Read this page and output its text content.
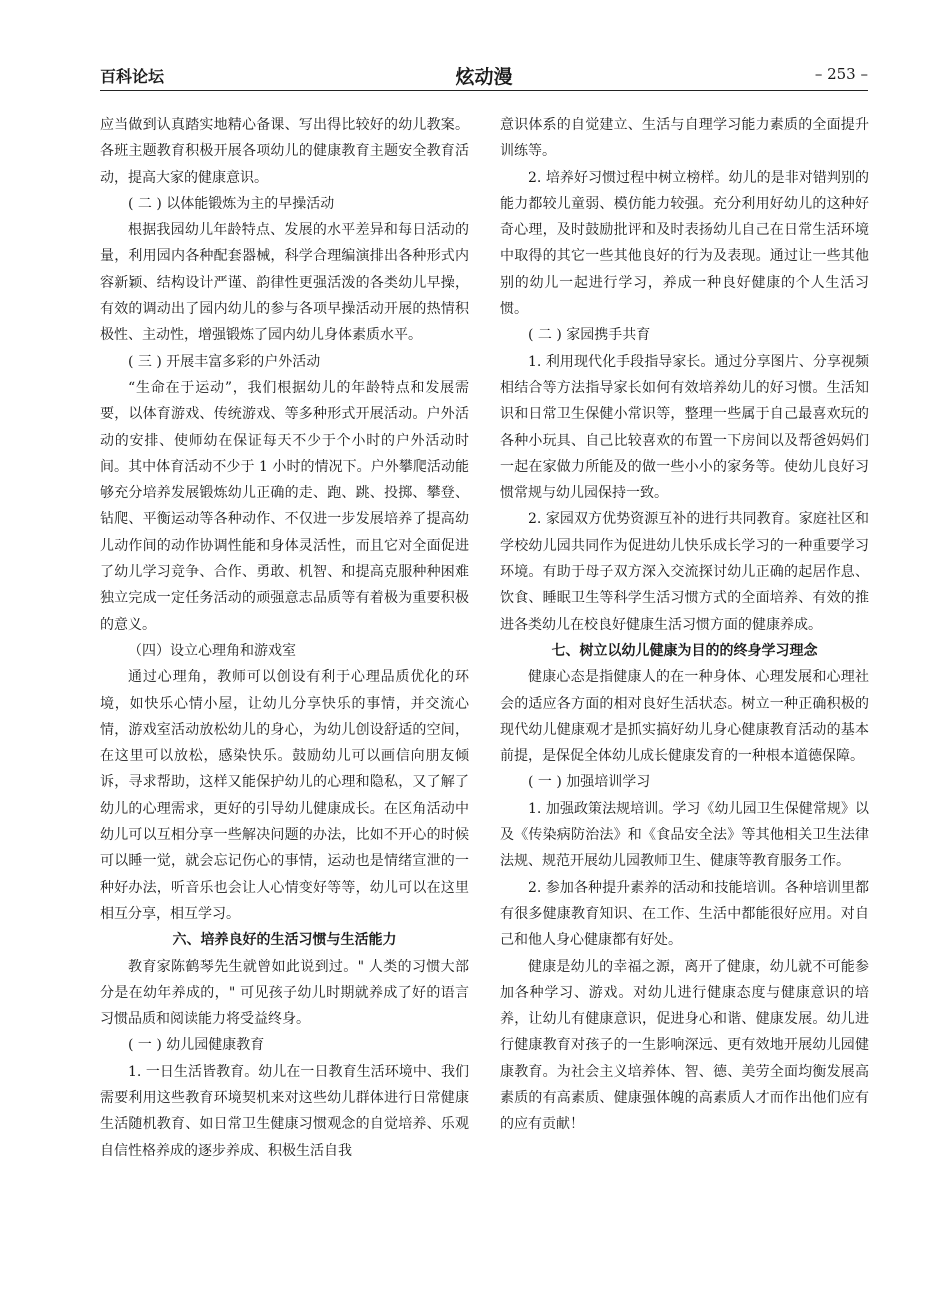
百科论坛	炫动漫	– 253 –

应当做到认真踏实地精心备课、写出得比较好的幼儿教案。各班主题教育积极开展各项幼儿的健康教育主题安全教育活动，提高大家的健康意识。

( 二 ) 以体能锻炼为主的早操活动

根据我园幼儿年龄特点、发展的水平差异和每日活动的量，利用园内各种配套器械，科学合理编演排出各种形式内容新颖、结构设计严谨、韵律性更强活泼的各类幼儿早操，有效的调动出了园内幼儿的参与各项早操活动开展的热情积极性、主动性，增强锻炼了园内幼儿身体素质水平。

( 三 ) 开展丰富多彩的户外活动

“生命在于运动”，我们根据幼儿的年龄特点和发展需要，以体育游戏、传统游戏、等多种形式开展活动。户外活动的安排、使师幼在保证每天不少于个小时的户外活动时间。其中体育活动不少于 1 小时的情况下。户外攀爬活动能够充分培养发展锻炼幼儿正确的走、跑、跳、投掷、攀登、钻爬、平衡运动等各种动作、不仅进一步发展培养了提高幼儿动作间的动作协调性能和身体灵活性，而且它对全面促进了幼儿学习竞争、合作、勇敢、机智、和提高克服种种困难独立完成一定任务活动的顽强意志品质等有着极为重要积极的意义。

（四）设立心理角和游戏室

通过心理角，教师可以创设有利于心理品质优化的环境，如快乐心情小屋，让幼儿分享快乐的事情，并交流心情，游戏室活动放松幼儿的身心，为幼儿创设舒适的空间，在这里可以放松，感染快乐。鼓励幼儿可以画信向朋友倾诉，寻求帮助，这样又能保护幼儿的心理和隐私，又了解了幼儿的心理需求，更好的引导幼儿健康成长。在区角活动中幼儿可以互相分享一些解决问题的办法，比如不开心的时候可以睡一觉，就会忘记伤心的事情，运动也是情绪宣泄的一种好办法，听音乐也会让人心情变好等等，幼儿可以在这里相互分享，相互学习。

六、培养良好的生活习惯与生活能力

教育家陈鹤琴先生就曾如此说到过。" 人类的习惯大部分是在幼年养成的，" 可见孩子幼儿时期就养成了好的语言习惯品质和阅读能力将受益终身。

( 一 ) 幼儿园健康教育

1. 一日生活皆教育。幼儿在一日教育生活环境中、我们需要利用这些教育环境契机来对这些幼儿群体进行日常健康生活随机教育、如日常卫生健康习惯观念的自觉培养、乐观自信性格养成的逐步养成、积极生活自我

意识体系的自觉建立、生活与自理学习能力素质的全面提升训练等。

2. 培养好习惯过程中树立榜样。幼儿的是非对错判别的能力都较儿童弱、模仿能力较强。充分利用好幼儿的这种好奇心理，及时鼓励批评和及时表扬幼儿自己在日常生活环境中取得的其它一些其他良好的行为及表现。通过让一些其他别的幼儿一起进行学习，养成一种良好健康的个人生活习惯。

( 二 ) 家园携手共育

1. 利用现代化手段指导家长。通过分享图片、分享视频相结合等方法指导家长如何有效培养幼儿的好习惯。生活知识和日常卫生保健小常识等，整理一些属于自己最喜欢玩的各种小玩具、自己比较喜欢的布置一下房间以及帮爸妈妈们一起在家做力所能及的做一些小小的家务等。使幼儿良好习惯常规与幼儿园保持一致。

2. 家园双方优势资源互补的进行共同教育。家庭社区和学校幼儿园共同作为促进幼儿快乐成长学习的一种重要学习环境。有助于母子双方深入交流探讨幼儿正确的起居作息、饮食、睡眠卫生等科学生活习惯方式的全面培养、有效的推进各类幼儿在校良好健康生活习惯方面的健康养成。

七、树立以幼儿健康为目的的终身学习理念

健康心态是指健康人的在一种身体、心理发展和心理社会的适应各方面的相对良好生活状态。树立一种正确积极的现代幼儿健康观才是抓实搞好幼儿身心健康教育活动的基本前提，是保促全体幼儿成长健康发育的一种根本道德保障。

( 一 ) 加强培训学习

1. 加强政策法规培训。学习《幼儿园卫生保健常规》以及《传染病防治法》和《食品安全法》等其他相关卫生法律法规、规范开展幼儿园教师卫生、健康等教育服务工作。

2. 参加各种提升素养的活动和技能培训。各种培训里都有很多健康教育知识、在工作、生活中都能很好应用。对自己和他人身心健康都有好处。

健康是幼儿的幸福之源，离开了健康，幼儿就不可能参加各种学习、游戏。对幼儿进行健康态度与健康意识的培养，让幼儿有健康意识，促进身心和谐、健康发展。幼儿进行健康教育对孩子的一生影响深远、更有效地开展幼儿园健康教育。为社会主义培养体、智、德、美劳全面均衡发展高素质的有高素质、健康强体魄的高素质人才而作出他们应有的应有贡献！
